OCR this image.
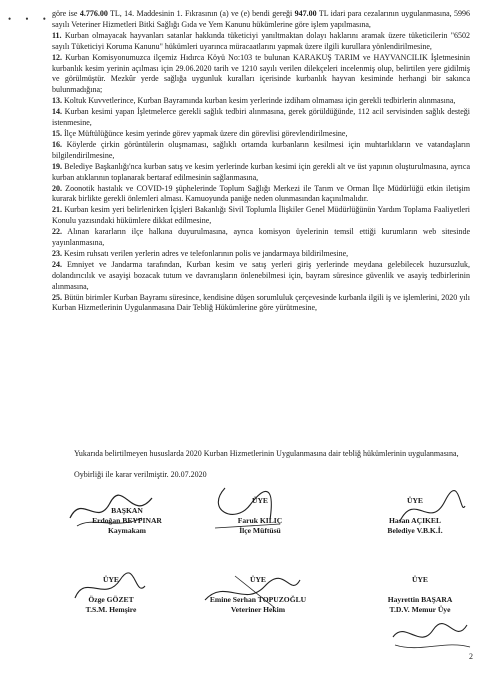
• • •

göre ise 4.776.00 TL, 14. Maddesinin 1. Fıkrasının (a) ve (e) bendi gereği 947.00 TL idari para cezalarının uygulanmasına, 5996 sayılı Veteriner Hizmetleri Bitki Sağlığı Gıda ve Yem Kanunu hükümlerine göre işlem yapılmasına,

11. Kurban olmayacak hayvanları satanlar hakkında tüketiciyi yanıltmaktan dolayı haklarını aramak üzere tüketicilerin "6502 sayılı Tüketiciyi Koruma Kanunu" hükümleri uyarınca müracaatlarını yapmak üzere ilgili kurullara yönlendirilmesine,

12. Kurban Komisyonumuzca ilçemiz Hıdırca Köyü No:103 te bulunan KARAKUŞ TARIM ve HAYVANCILIK İşletmesinin kurbanlık kesim yerinin açılması için 29.06.2020 tarih ve 1210 sayılı verilen dilekçeleri incelenmiş olup, belirtilen yere gidilmiş ve görülmüştür. Mezkûr yerde sağlığa uygunluk kuralları içerisinde kurbanlık hayvan kesiminde herhangi bir sakınca bulunmadığına;

13. Koltuk Kuvvetlerince, Kurban Bayramında kurban kesim yerlerinde izdiham olmaması için gerekli tedbirlerin alınmasına,

14. Kurban kesimi yapan İşletmelerce gerekli sağlık tedbiri alınmasına, gerek görüldüğünde, 112 acil servisinden sağlık desteği istenmesine,

15. İlçe Müftülüğünce kesim yerinde görev yapmak üzere din görevlisi görevlendirilmesine,

16. Köylerde çirkin görüntülerin oluşmaması, sağlıklı ortamda kurbanların kesilmesi için muhtarlıkların ve vatandaşların bilgilendirilmesine,

19. Belediye Başkanlığı'nca kurban satış ve kesim yerlerinde kurban kesimi için gerekli alt ve üst yapının oluşturulmasına, ayrıca kurban atıklarının toplanarak bertaraf edilmesinin sağlanmasına,

20. Zoonotik hastalık ve COVID-19 şüphelerinde Toplum Sağlığı Merkezi ile Tarım ve Orman İlçe Müdürlüğü etkin iletişim kurarak birlikte gerekli önlemleri alması. Kamuoyunda paniğe neden olunmasından kaçınılmalıdır.

21. Kurban kesim yeri belirlenirken İçişleri Bakanlığı Sivil Toplumla İlişkiler Genel Müdürlüğünün Yardım Toplama Faaliyetleri Konulu yazısındaki hükümlere dikkat edilmesine,

22. Alınan kararların ilçe halkına duyurulmasına, ayrıca komisyon üyelerinin temsil ettiği kurumların web sitesinde yayınlanmasına,

23. Kesim ruhsatı verilen yerlerin adres ve telefonlarının polis ve jandarmaya bildirilmesine,

24. Emniyet ve Jandarma tarafından, Kurban kesim ve satış yerleri giriş yerlerinde meydana gelebilecek huzursuzluk, dolandırıcılık ve asayişi bozacak tutum ve davranışların önlenebilmesi için, bayram süresince güvenlik ve asayiş tedbirlerinin alınmasına,

25. Bütün birimler Kurban Bayramı süresince, kendisine düşen sorumluluk çerçevesinde kurbanla ilgili iş ve işlemlerini, 2020 yılı Kurban Hizmetlerinin Uygulanmasına Dair Tebliğ Hükümlerine göre yürütmesine,

Yukarıda belirtilmeyen hususlarda 2020 Kurban Hizmetlerinin Uygulanmasına dair tebliğ hükümlerinin uygulanmasına,

Oybirliği ile karar verilmiştir. 20.07.2020

BAŞKAN
Erdoğan BEYPINAR
Kaymakam
ÜYE
Faruk KILIÇ
İlçe Müftüsü
ÜYE
Hasan AÇIKEL
Belediye V.B.K.İ.
ÜYE
Özge GÖZET
T.S.M. Hemşire
ÜYE
Emine Serhan TOPUZOĞLU
Veteriner Hekim
ÜYE
Hayrettin BAŞARA
T.D.V. Memur Üye
2
